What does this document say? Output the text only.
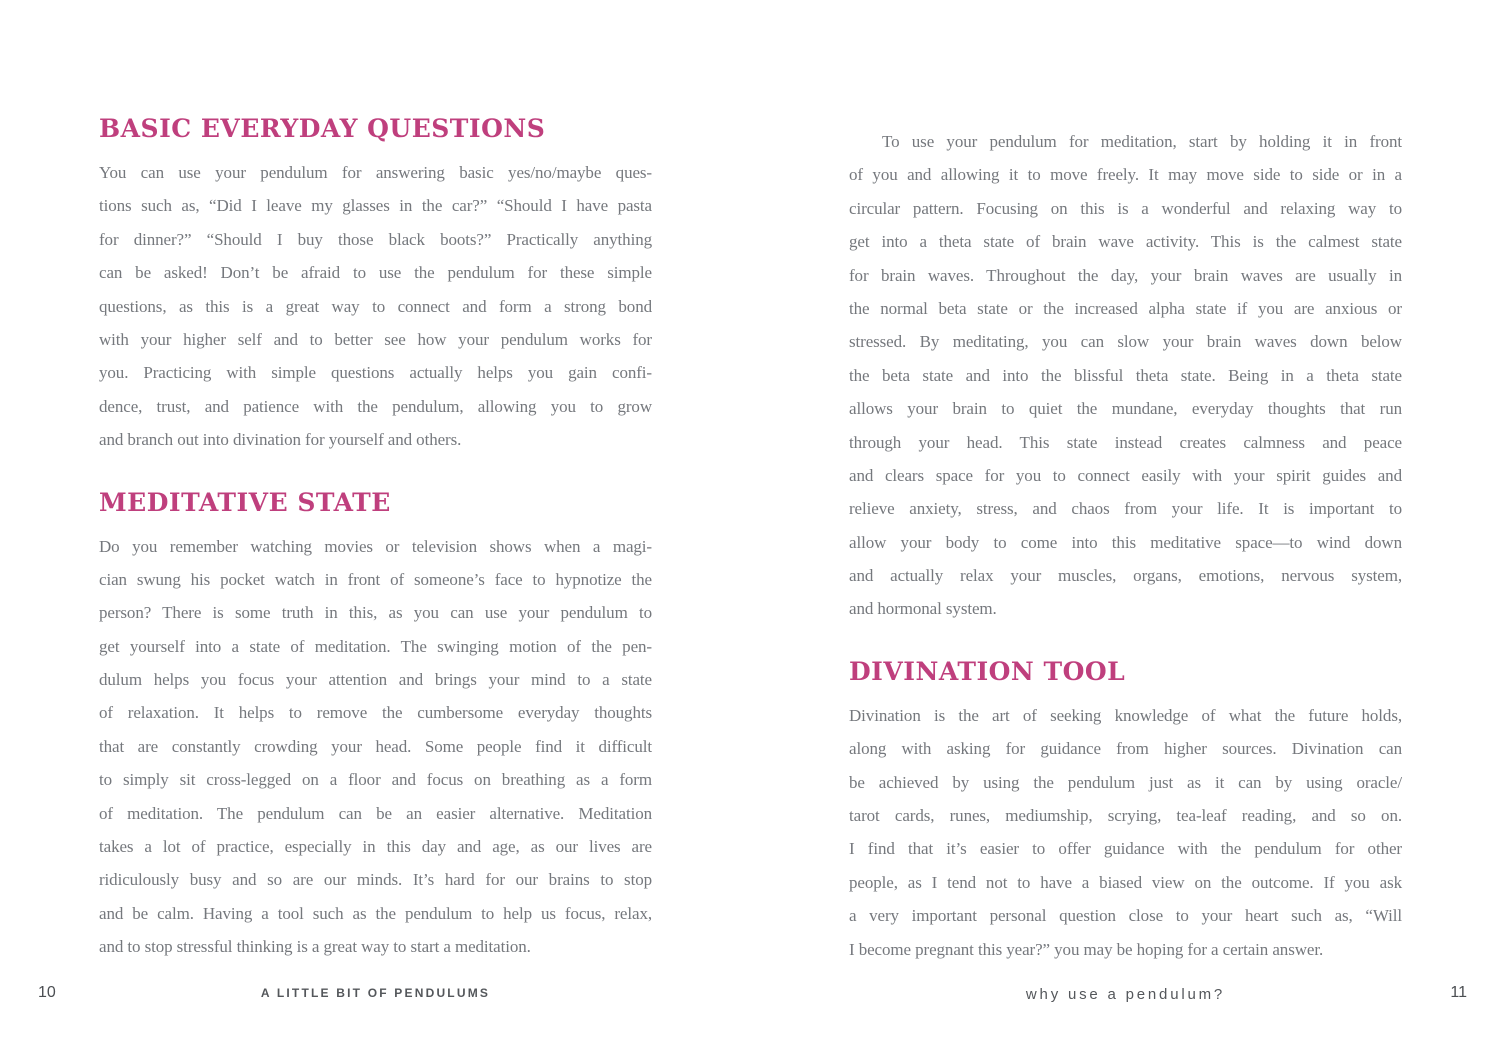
BASIC EVERYDAY QUESTIONS
You can use your pendulum for answering basic yes/no/maybe ques-
tions such as, “Did I leave my glasses in the car?” “Should I have pasta
for dinner?” “Should I buy those black boots?” Practically anything
can be asked! Don’t be afraid to use the pendulum for these simple
questions, as this is a great way to connect and form a strong bond
with your higher self and to better see how your pendulum works for
you. Practicing with simple questions actually helps you gain confi-
dence, trust, and patience with the pendulum, allowing you to grow
and branch out into divination for yourself and others.
MEDITATIVE STATE
Do you remember watching movies or television shows when a magi-
cian swung his pocket watch in front of someone’s face to hypnotize the
person? There is some truth in this, as you can use your pendulum to
get yourself into a state of meditation. The swinging motion of the pen-
dulum helps you focus your attention and brings your mind to a state
of relaxation. It helps to remove the cumbersome everyday thoughts
that are constantly crowding your head. Some people find it difficult
to simply sit cross-legged on a floor and focus on breathing as a form
of meditation. The pendulum can be an easier alternative. Meditation
takes a lot of practice, especially in this day and age, as our lives are
ridiculously busy and so are our minds. It’s hard for our brains to stop
and be calm. Having a tool such as the pendulum to help us focus, relax,
and to stop stressful thinking is a great way to start a meditation.
To use your pendulum for meditation, start by holding it in front
of you and allowing it to move freely. It may move side to side or in a
circular pattern. Focusing on this is a wonderful and relaxing way to
get into a theta state of brain wave activity. This is the calmest state
for brain waves. Throughout the day, your brain waves are usually in
the normal beta state or the increased alpha state if you are anxious or
stressed. By meditating, you can slow your brain waves down below
the beta state and into the blissful theta state. Being in a theta state
allows your brain to quiet the mundane, everyday thoughts that run
through your head. This state instead creates calmness and peace
and clears space for you to connect easily with your spirit guides and
relieve anxiety, stress, and chaos from your life. It is important to
allow your body to come into this meditative space—to wind down
and actually relax your muscles, organs, emotions, nervous system,
and hormonal system.
DIVINATION TOOL
Divination is the art of seeking knowledge of what the future holds,
along with asking for guidance from higher sources. Divination can
be achieved by using the pendulum just as it can by using oracle/
tarot cards, runes, mediumship, scrying, tea-leaf reading, and so on.
I find that it’s easier to offer guidance with the pendulum for other
people, as I tend not to have a biased view on the outcome. If you ask
a very important personal question close to your heart such as, “Will
I become pregnant this year?” you may be hoping for a certain answer.
10	A LITTLE BIT OF PENDULUMS	why use a pendulum?	11
